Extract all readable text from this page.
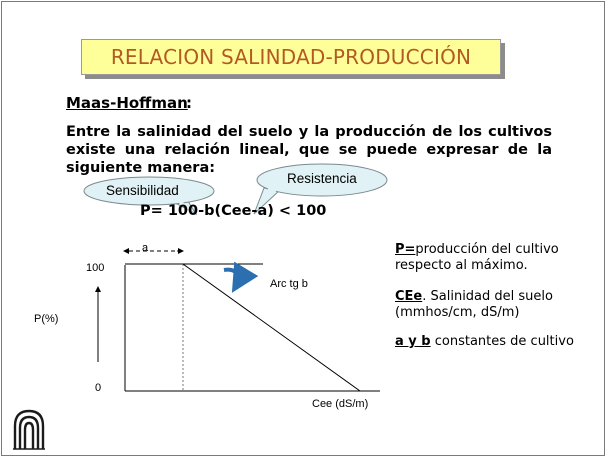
RELACION SALINDAD-PRODUCCIÓN
Maas-Hoffman
:
Entre la salinidad del suelo y la producción de los cultivos existe una relación lineal, que se puede expresar de la siguiente manera:
Sensibilidad
Resistencia
P= 100-b(Cee-a) < 100
P(%)
100
0
a
Arc tg b
Cee (dS/m)
P=producción del cultivo respecto al máximo.
CEe. Salinidad del suelo (mmhos/cm, dS/m)
a y b constantes de cultivo
